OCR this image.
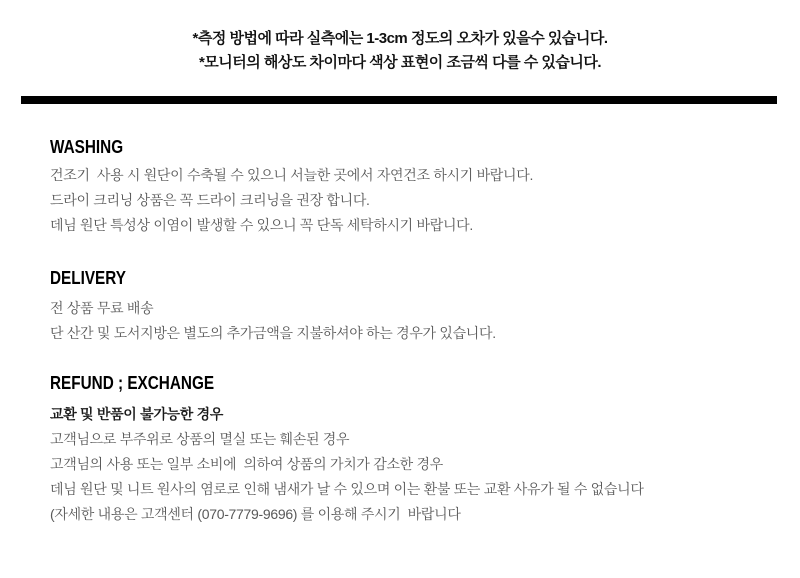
*측정 방법에 따라 실측에는 1-3cm 정도의 오차가 있을수 있습니다.
*모니터의 해상도 차이마다 색상 표현이 조금씩 다를 수 있습니다.
WASHING
건조기  사용 시 원단이 수축될 수 있으니 서늘한 곳에서 자연건조 하시기 바랍니다.
드라이 크리닝 상품은 꼭 드라이 크리닝을 권장 합니다.
데님 원단 특성상 이염이 발생할 수 있으니 꼭 단독 세탁하시기 바랍니다.
DELIVERY
전 상품 무료 배송
단 산간 및 도서지방은 별도의 추가금액을 지불하셔야 하는 경우가 있습니다.
REFUND ; EXCHANGE
교환 및 반품이 불가능한 경우
고객님으로 부주위로 상품의 멸실 또는 훼손된 경우
고객님의 사용 또는 일부 소비에  의하여 상품의 가치가 감소한 경우
데님 원단 및 니트 원사의 염로로 인해 냄새가 날 수 있으며 이는 환불 또는 교환 사유가 될 수 없습니다
(자세한 내용은 고객센터 (070-7779-9696) 를 이용해 주시기  바랍니다
